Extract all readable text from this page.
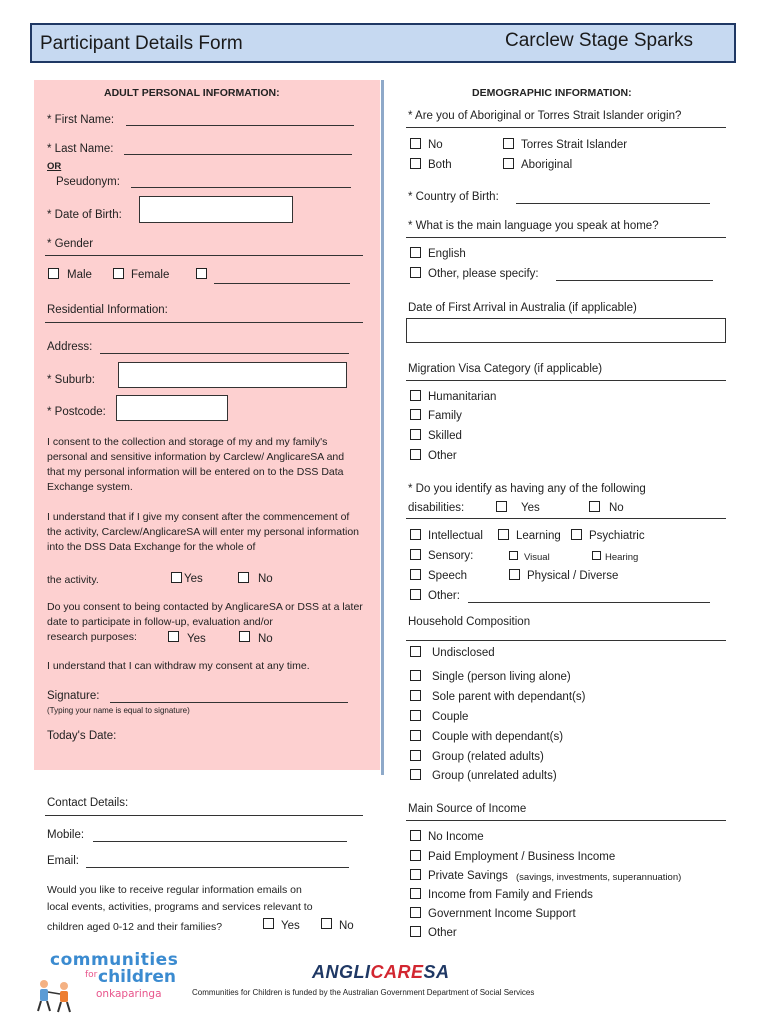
Participant Details Form	Carclew Stage Sparks
ADULT PERSONAL INFORMATION:
* First Name:
* Last Name:
OR
Pseudonym:
* Date of Birth:
* Gender
Male	Female
Residential Information:
Address:
* Suburb:
* Postcode:
I consent to the collection and storage of my and my family's personal and sensitive information by Carclew/ AnglicareSA and that my personal information will be entered on to the DSS Data Exchange system.
I understand that if I give my consent after the commencement of the activity, Carclew/AnglicareSA will enter my personal information into the DSS Data Exchange for the whole of
the activity.	Yes	No
Do you consent to being contacted by AnglicareSA or DSS at a later date to participate in follow-up, evaluation and/or
research purposes:	Yes	No
I understand that I can withdraw my consent at any time.
Signature:
(Typing your name is equal to signature)
Today's Date:
Contact Details:
Mobile:
Email:
Would you like to receive regular information emails on
local events, activities, programs and services relevant to
children aged 0-12 and their families?	Yes	No
DEMOGRAPHIC INFORMATION:
* Are you of Aboriginal or Torres Strait Islander origin?
No	Torres Strait Islander
Both	Aboriginal
* Country of Birth:
* What is the main language you speak at home?
English
Other, please specify:
Date of First Arrival in Australia (if applicable)
Migration Visa Category (if applicable)
Humanitarian
Family
Skilled
Other
* Do you identify as having any of the following
disabilities:	Yes	No
Intellectual	Learning Psychiatric
Sensory:	Visual	Hearing
Speech	Physical / Diverse
Other:
Household Composition
Undisclosed
Single (person living alone)
Sole parent with dependant(s)
Couple
Couple with dependant(s)
Group (related adults)
Group (unrelated adults)
Main Source of Income
No Income
Paid Employment / Business Income
Private Savings (savings, investments, superannuation)
Income from Family and Friends
Government Income Support
Other
communities
for children
onkaparinga
ANGLICARESA
Communities for Children is funded by the Australian Government Department of Social Services
